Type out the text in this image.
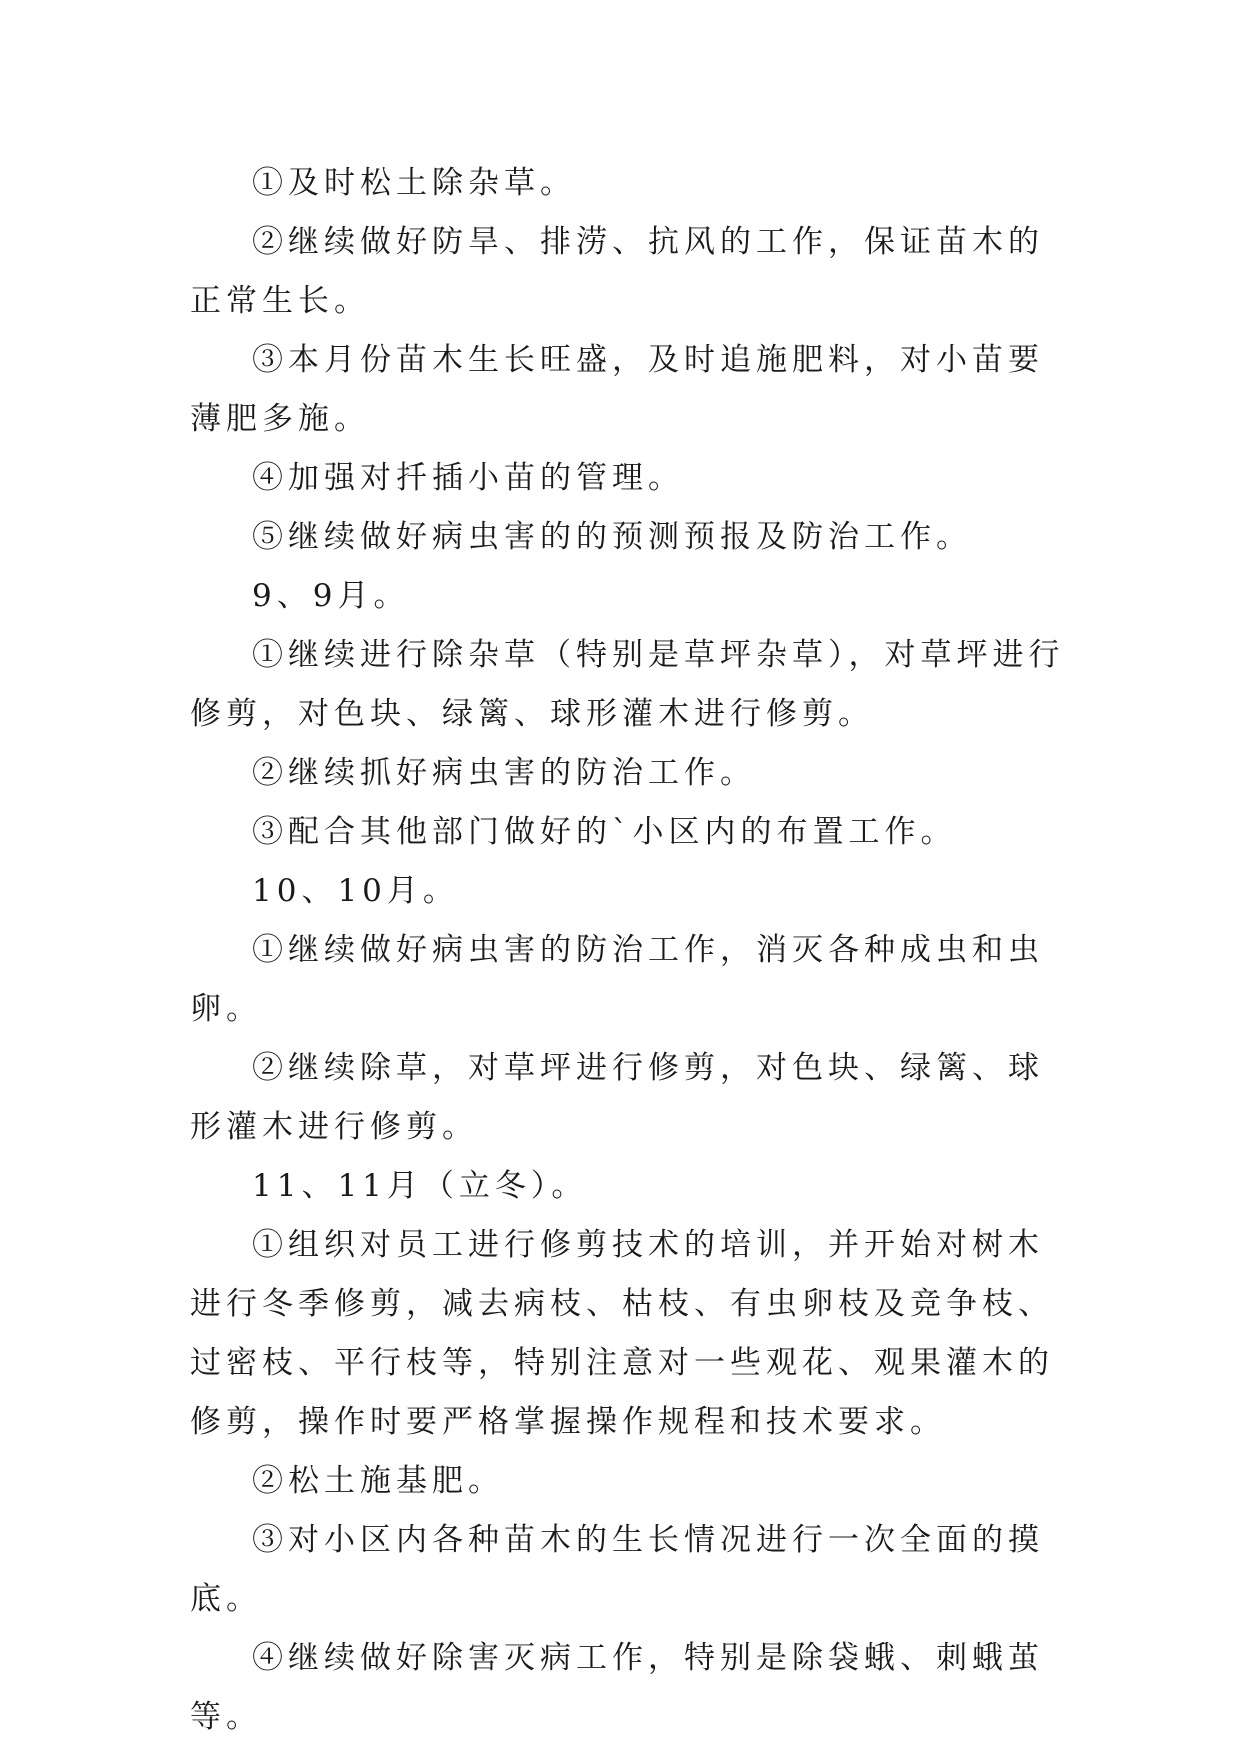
①及时松土除杂草。

②继续做好防旱、排涝、抗风的工作，保证苗木的正常生长。

③本月份苗木生长旺盛，及时追施肥料，对小苗要薄肥多施。

④加强对扦插小苗的管理。

⑤继续做好病虫害的的预测预报及防治工作。

9、9月。

①继续进行除杂草（特别是草坪杂草），对草坪进行修剪，对色块、绿篱、球形灌木进行修剪。

②继续抓好病虫害的防治工作。

③配合其他部门做好的`小区内的布置工作。

10、10月。

①继续做好病虫害的防治工作，消灭各种成虫和虫卵。

②继续除草，对草坪进行修剪，对色块、绿篱、球形灌木进行修剪。

11、11月（立冬）。

①组织对员工进行修剪技术的培训，并开始对树木进行冬季修剪，减去病枝、枯枝、有虫卵枝及竞争枝、过密枝、平行枝等，特别注意对一些观花、观果灌木的修剪，操作时要严格掌握操作规程和技术要求。

②松土施基肥。

③对小区内各种苗木的生长情况进行一次全面的摸底。

④继续做好除害灭病工作，特别是除袋蛾、刺蛾茧等。
